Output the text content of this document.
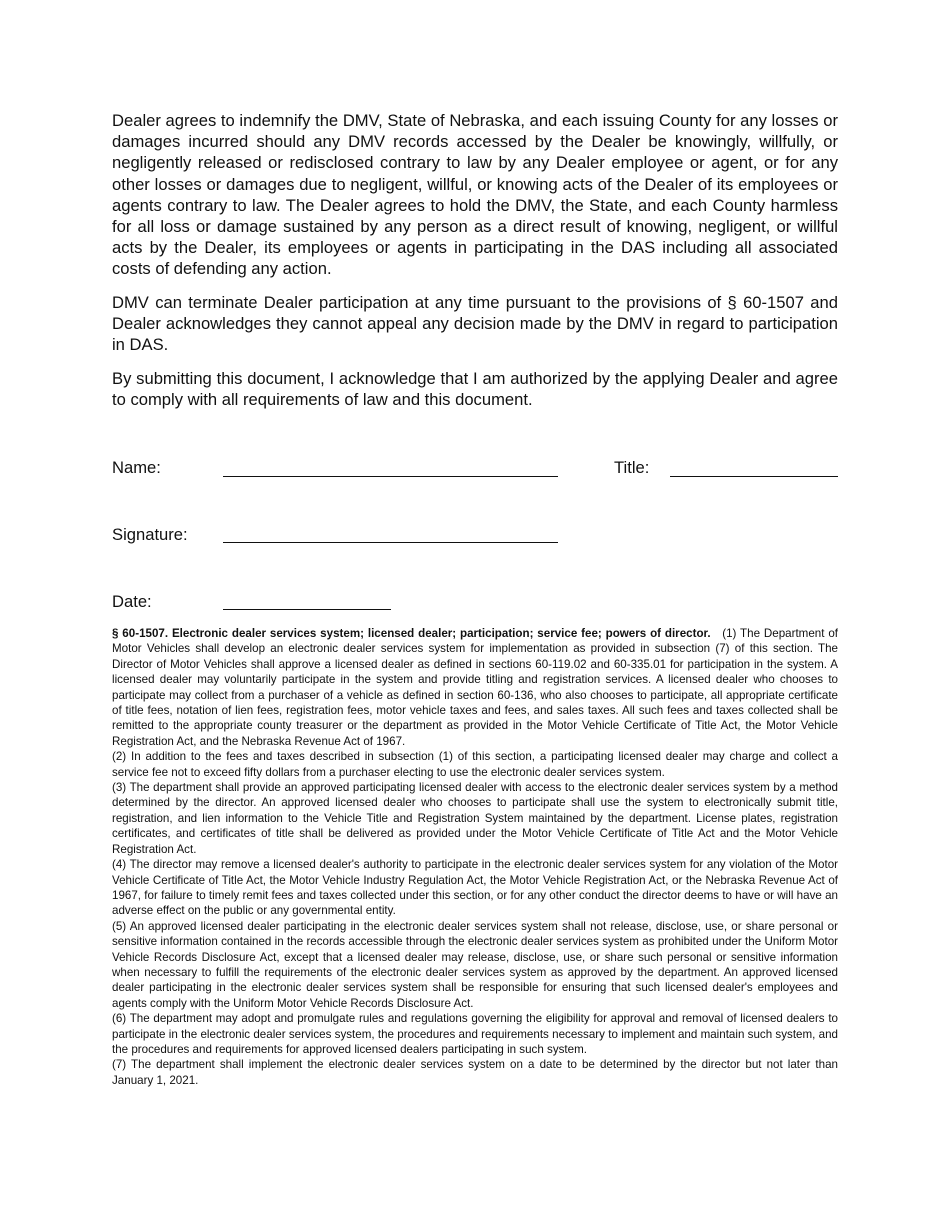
Dealer agrees to indemnify the DMV, State of Nebraska, and each issuing County for any losses or damages incurred should any DMV records accessed by the Dealer be knowingly, willfully, or negligently released or redisclosed contrary to law by any Dealer employee or agent, or for any other losses or damages due to negligent, willful, or knowing acts of the Dealer of its employees or agents contrary to law. The Dealer agrees to hold the DMV, the State, and each County harmless for all loss or damage sustained by any person as a direct result of knowing, negligent, or willful acts by the Dealer, its employees or agents in participating in the DAS including all associated costs of defending any action.

DMV can terminate Dealer participation at any time pursuant to the provisions of § 60-1507 and Dealer acknowledges they cannot appeal any decision made by the DMV in regard to participation in DAS.

By submitting this document, I acknowledge that I am authorized by the applying Dealer and agree to comply with all requirements of law and this document.

Name:	Title:
Signature:
Date:

§ 60-1507. Electronic dealer services system; licensed dealer; participation; service fee; powers of director. (1) The Department of Motor Vehicles shall develop an electronic dealer services system for implementation as provided in subsection (7) of this section. The Director of Motor Vehicles shall approve a licensed dealer as defined in sections 60-119.02 and 60-335.01 for participation in the system. A licensed dealer may voluntarily participate in the system and provide titling and registration services. A licensed dealer who chooses to participate may collect from a purchaser of a vehicle as defined in section 60-136, who also chooses to participate, all appropriate certificate of title fees, notation of lien fees, registration fees, motor vehicle taxes and fees, and sales taxes. All such fees and taxes collected shall be remitted to the appropriate county treasurer or the department as provided in the Motor Vehicle Certificate of Title Act, the Motor Vehicle Registration Act, and the Nebraska Revenue Act of 1967.

(2) In addition to the fees and taxes described in subsection (1) of this section, a participating licensed dealer may charge and collect a service fee not to exceed fifty dollars from a purchaser electing to use the electronic dealer services system.

(3) The department shall provide an approved participating licensed dealer with access to the electronic dealer services system by a method determined by the director. An approved licensed dealer who chooses to participate shall use the system to electronically submit title, registration, and lien information to the Vehicle Title and Registration System maintained by the department. License plates, registration certificates, and certificates of title shall be delivered as provided under the Motor Vehicle Certificate of Title Act and the Motor Vehicle Registration Act.

(4) The director may remove a licensed dealer's authority to participate in the electronic dealer services system for any violation of the Motor Vehicle Certificate of Title Act, the Motor Vehicle Industry Regulation Act, the Motor Vehicle Registration Act, or the Nebraska Revenue Act of 1967, for failure to timely remit fees and taxes collected under this section, or for any other conduct the director deems to have or will have an adverse effect on the public or any governmental entity.

(5) An approved licensed dealer participating in the electronic dealer services system shall not release, disclose, use, or share personal or sensitive information contained in the records accessible through the electronic dealer services system as prohibited under the Uniform Motor Vehicle Records Disclosure Act, except that a licensed dealer may release, disclose, use, or share such personal or sensitive information when necessary to fulfill the requirements of the electronic dealer services system as approved by the department. An approved licensed dealer participating in the electronic dealer services system shall be responsible for ensuring that such licensed dealer's employees and agents comply with the Uniform Motor Vehicle Records Disclosure Act.

(6) The department may adopt and promulgate rules and regulations governing the eligibility for approval and removal of licensed dealers to participate in the electronic dealer services system, the procedures and requirements necessary to implement and maintain such system, and the procedures and requirements for approved licensed dealers participating in such system.

(7) The department shall implement the electronic dealer services system on a date to be determined by the director but not later than January 1, 2021.
